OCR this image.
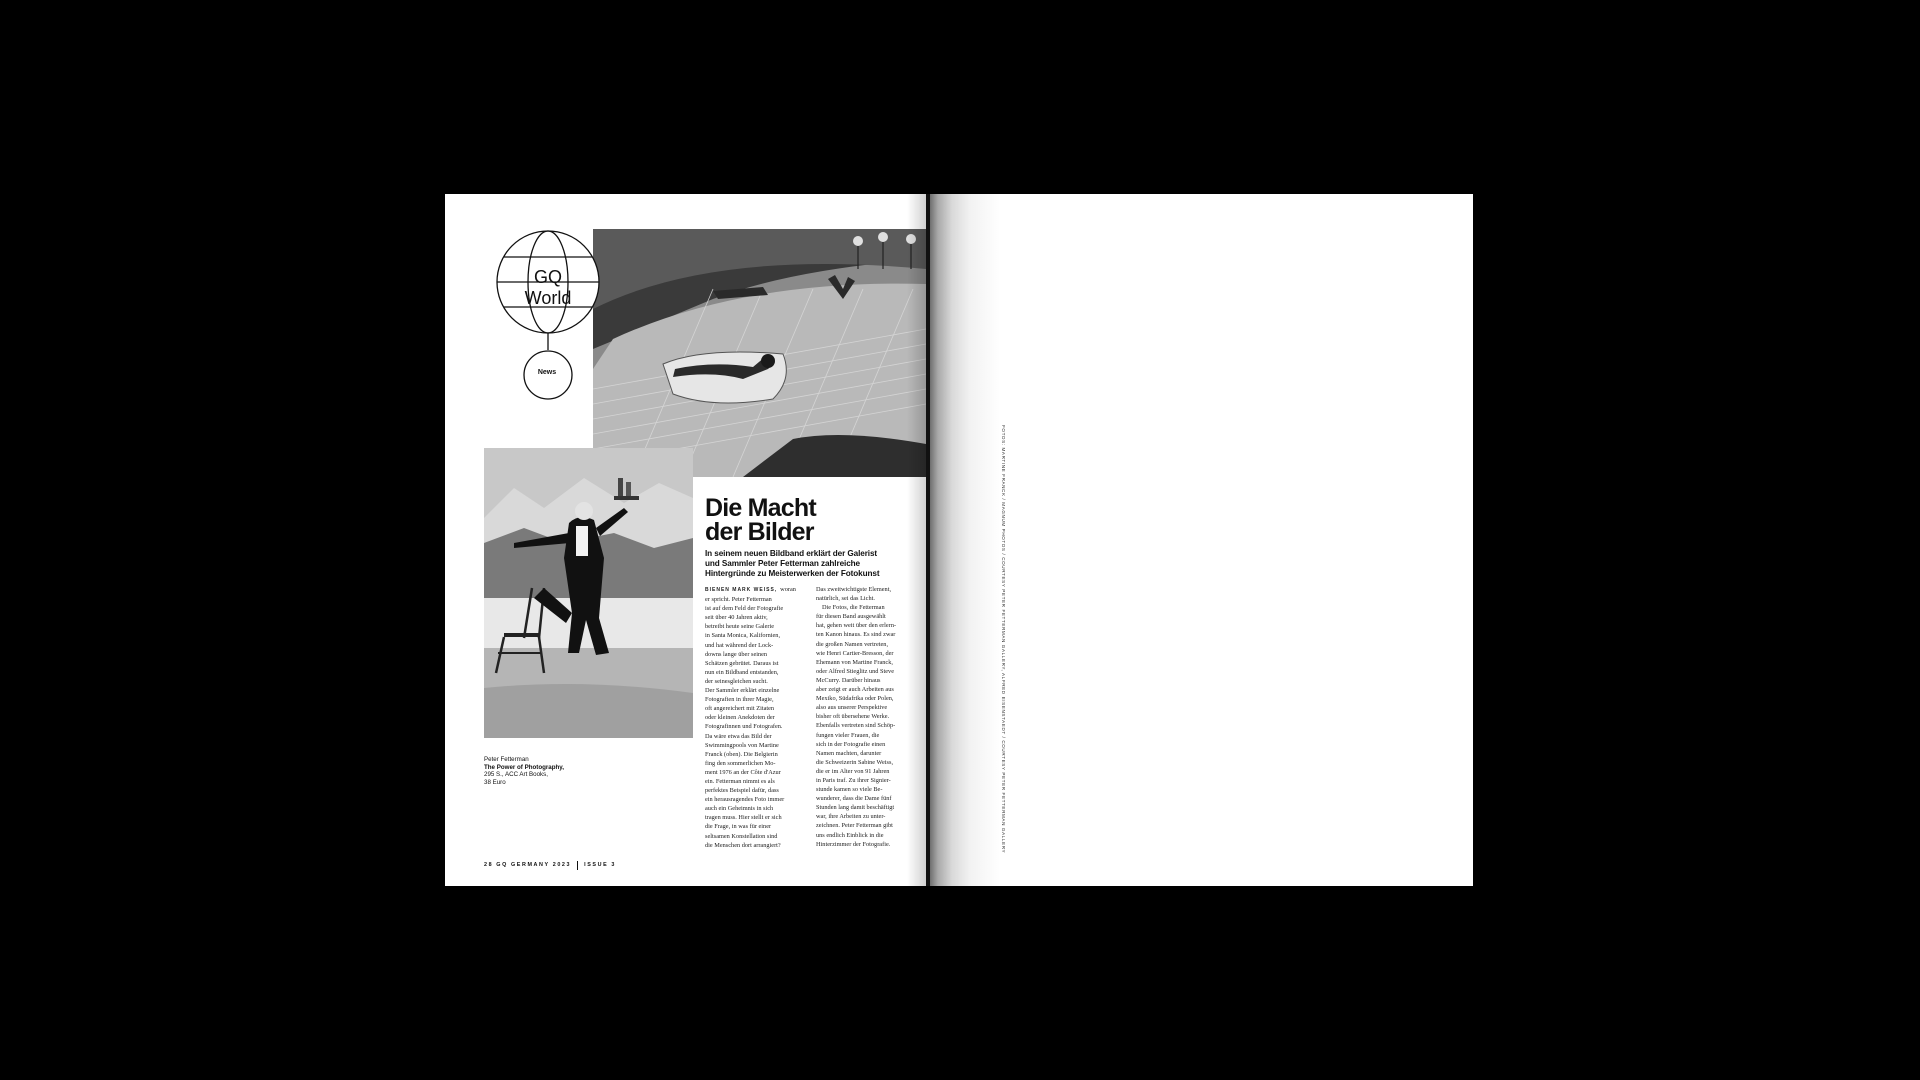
GQ
World
News
Peter Fetterman
The Power of Photography,
295 S., ACC Art Books,
38 Euro
Die Macht
der Bilder
In seinem neuen Bildband erklärt der Galerist
und Sammler Peter Fetterman zahlreiche
Hintergründe zu Meisterwerken der Fotokunst
BIENEN MARK WEISS, woran
er spricht. Peter Fetterman
ist auf dem Feld der Fotografie
seit über 40 Jahren aktiv,
betreibt heute seine Galerie
in Santa Monica, Kalifornien,
und hat während der Lock-
downs lange über seinen
Schätzen gebrütet. Daraus ist
nun ein Bildband entstanden,
der seinesgleichen sucht.
Der Sammler erklärt einzelne
Fotografien in ihrer Magie,
oft angereichert mit Zitaten
oder kleinen Anekdoten der
Fotografinnen und Fotografen.
Da wäre etwa das Bild der
Swimmingpools von Martine
Franck (oben). Die Belgierin
fing den sommerlichen Mo-
ment 1976 an der Côte d'Azur
ein. Fetterman nimmt es als
perfektes Beispiel dafür, dass
ein herausragendes Foto immer
auch ein Geheimnis in sich
tragen muss. Hier stellt er sich
die Frage, in was für einer
seltsamen Konstellation sind
die Menschen dort arrangiert?
Das zweitwichtigste Element,
natürlich, sei das Licht.
Die Fotos, die Fetterman
für diesen Band ausgewählt
hat, gehen weit über den erlern-
ten Kanon hinaus. Es sind zwar
die großen Namen vertreten,
wie Henri Cartier-Bresson, der
Ehemann von Martine Franck,
oder Alfred Stieglitz und Steve
McCurry. Darüber hinaus
aber zeigt er auch Arbeiten aus
Mexiko, Südafrika oder Polen,
also aus unserer Perspektive
bisher oft übersehene Werke.
Ebenfalls vertreten sind Schöp-
fungen vieler Frauen, die
sich in der Fotografie einen
Namen machten, darunter
die Schweizerin Sabine Weiss,
die er im Alter von 91 Jahren
in Paris traf. Zu ihrer Signier-
stunde kamen so viele Be-
wunderer, dass die Dame fünf
Stunden lang damit beschäftigt
war, ihre Arbeiten zu unter-
zeichnen. Peter Fetterman gibt
uns endlich Einblick in die
Hinterzimmer der Fotografie.
28 GQ GERMANY 2023 ISSUE 3
FOTOS: MARTINE FRANCK / MAGNUM PHOTOS / COURTESY PETER FETTERMAN GALLERY, ALFRED EISENSTAEDT / COURTESY PETER FETTERMAN GALLERY
